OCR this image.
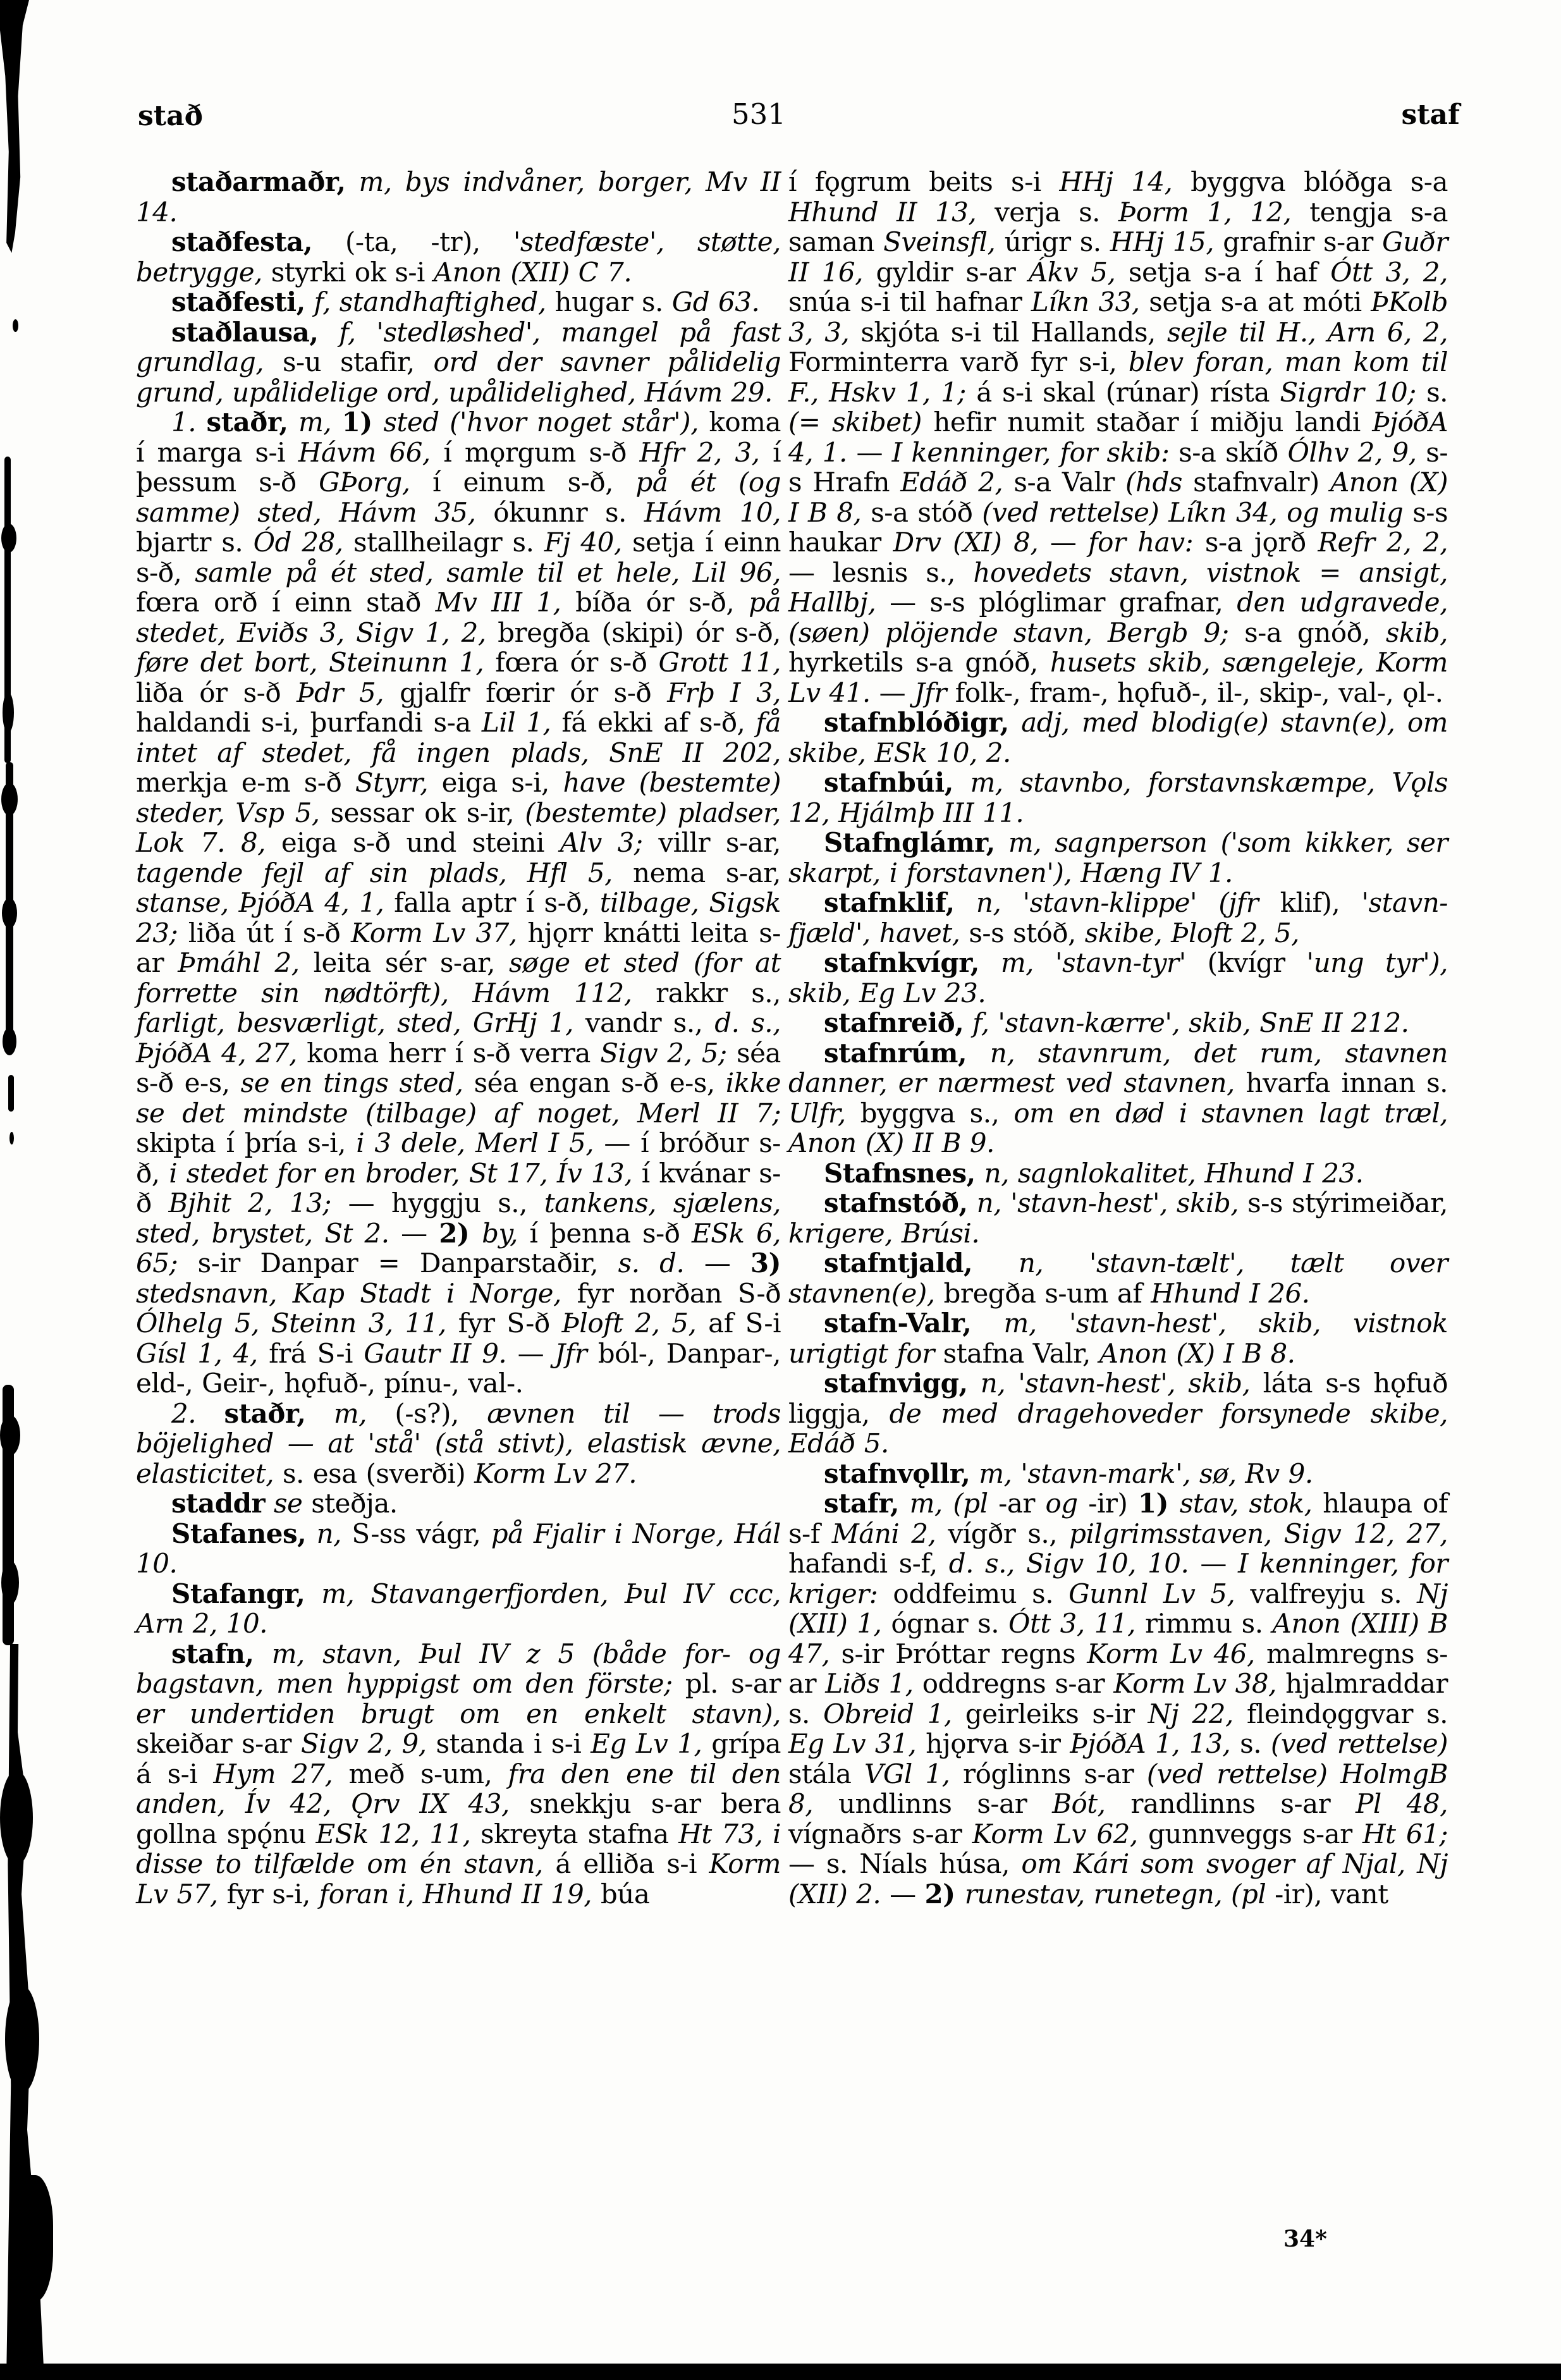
stað	531	staf

staðarmaðr, m, bys indvåner, borger, Mv II 14.

staðfesta, (-ta, -tr), 'stedfæste', støtte, betrygge, styrki ok s-i Anon (XII) C 7.

staðfesti, f, standhaftighed, hugar s. Gd 63.

staðlausa, f, 'stedløshed', mangel på fast grundlag, s-u stafir, ord der savner pålidelig grund, upålidelige ord, upålidelighed, Hávm 29.

1. staðr, m, 1) sted ('hvor noget står'), koma í marga s-i Hávm 66, í mǫrgum s-ð Hfr 2, 3, í þessum s-ð GÞorg, í einum s-ð, på ét (og samme) sted, Hávm 35, ókunnr s. Hávm 10, bjartr s. Ód 28, stallheilagr s. Fj 40, setja í einn s-ð, samle på ét sted, samle til et hele, Lil 96, fœra orð í einn stað Mv III 1, bíða ór s-ð, på stedet, Eviðs 3, Sigv 1, 2, bregða (skipi) ór s-ð, føre det bort, Steinunn 1, fœra ór s-ð Grott 11, liða ór s-ð Þdr 5, gjalfr fœrir ór s-ð Frþ I 3, haldandi s-i, þurfandi s-a Lil 1, fá ekki af s-ð, få intet af stedet, få ingen plads, SnE II 202, merkja e-m s-ð Styrr, eiga s-i, have (bestemte) steder, Vsp 5, sessar ok s-ir, (bestemte) pladser, Lok 7. 8, eiga s-ð und steini Alv 3; villr s-ar, tagende fejl af sin plads, Hfl 5, nema s-ar, stanse, ÞjóðA 4, 1, falla aptr í s-ð, tilbage, Sigsk 23; liða út í s-ð Korm Lv 37, hjǫrr knátti leita s-ar Þmáhl 2, leita sér s-ar, søge et sted (for at forrette sin nødtörft), Hávm 112, rakkr s., farligt, besværligt, sted, GrHj 1, vandr s., d. s., ÞjóðA 4, 27, koma herr í s-ð verra Sigv 2, 5; séa s-ð e-s, se en tings sted, séa engan s-ð e-s, ikke se det mindste (tilbage) af noget, Merl II 7; skipta í þría s-i, i 3 dele, Merl I 5, — í bróður s-ð, i stedet for en broder, St 17, Ív 13, í kvánar s-ð Bjhit 2, 13; — hyggju s., tankens, sjælens, sted, brystet, St 2. — 2) by, í þenna s-ð ESk 6, 65; s-ir Danpar = Danparstaðir, s. d. — 3) stedsnavn, Kap Stadt i Norge, fyr norðan S-ð Ólhelg 5, Steinn 3, 11, fyr S-ð Þloft 2, 5, af S-i Gísl 1, 4, frá S-i Gautr II 9. — Jfr ból-, Danpar-, eld-, Geir-, hǫfuð-, pínu-, val-.

2. staðr, m, (-s?), ævnen til — trods böjelighed — at 'stå' (stå stivt), elastisk ævne, elasticitet, s. esa (sverði) Korm Lv 27.

staddr se steðja.

Stafanes, n, S-ss vágr, på Fjalir i Norge, Hál 10.

Stafangr, m, Stavangerfjorden, Þul IV ccc, Arn 2, 10.

stafn, m, stavn, Þul IV z 5 (både for- og bagstavn, men hyppigst om den förste; pl. s-ar er undertiden brugt om en enkelt stavn), skeiðar s-ar Sigv 2, 9, standa i s-i Eg Lv 1, grípa á s-i Hym 27, með s-um, fra den ene til den anden, Ív 42, Ǫrv IX 43, snekkju s-ar bera gollna spǫ́nu ESk 12, 11, skreyta stafna Ht 73, i disse to tilfælde om én stavn, á elliða s-i Korm Lv 57, fyr s-i, foran i, Hhund II 19, búa

í fǫgrum beits s-i HHj 14, byggva blóðga s-a Hhund II 13, verja s. Þorm 1, 12, tengja s-a saman Sveinsfl, úrigr s. HHj 15, grafnir s-ar Guðr II 16, gyldir s-ar Ákv 5, setja s-a í haf Ótt 3, 2, snúa s-i til hafnar Líkn 33, setja s-a at móti ÞKolb 3, 3, skjóta s-i til Hallands, sejle til H., Arn 6, 2, Forminterra varð fyr s-i, blev foran, man kom til F., Hskv 1, 1; á s-i skal (rúnar) rísta Sigrdr 10; s. (= skibet) hefir numit staðar í miðju landi ÞjóðA 4, 1. — I kenninger, for skib: s-a skíð Ólhv 2, 9, s-s Hrafn Edáð 2, s-a Valr (hds stafnvalr) Anon (X) I B 8, s-a stóð (ved rettelse) Líkn 34, og mulig s-s haukar Drv (XI) 8, — for hav: s-a jǫrð Refr 2, 2, — lesnis s., hovedets stavn, vistnok = ansigt, Hallbj, — s-s plóglimar grafnar, den udgravede, (søen) plöjende stavn, Bergb 9; s-a gnóð, skib, hyrketils s-a gnóð, husets skib, sængeleje, Korm Lv 41. — Jfr folk-, fram-, hǫfuð-, il-, skip-, val-, ǫl-.

stafnblóðigr, adj, med blodig(e) stavn(e), om skibe, ESk 10, 2.

stafnbúi, m, stavnbo, forstavnskæmpe, Vǫls 12, Hjálmþ III 11.

Stafnglámr, m, sagnperson ('som kikker, ser skarpt, i forstavnen'), Hæng IV 1.

stafnklif, n, 'stavn-klippe' (jfr klif), 'stavn-fjæld', havet, s-s stóð, skibe, Þloft 2, 5,

stafnkvígr, m, 'stavn-tyr' (kvígr 'ung tyr'), skib, Eg Lv 23.

stafnreið, f, 'stavn-kærre', skib, SnE II 212.

stafnrúm, n, stavnrum, det rum, stavnen danner, er nærmest ved stavnen, hvarfa innan s. Ulfr, byggva s., om en død i stavnen lagt træl, Anon (X) II B 9.

Stafnsnes, n, sagnlokalitet, Hhund I 23.

stafnstóð, n, 'stavn-hest', skib, s-s stýrimeiðar, krigere, Brúsi.

stafntjald, n, 'stavn-tælt', tælt over stavnen(e), bregða s-um af Hhund I 26.

stafn-Valr, m, 'stavn-hest', skib, vistnok urigtigt for stafna Valr, Anon (X) I B 8.

stafnvigg, n, 'stavn-hest', skib, láta s-s hǫfuð liggja, de med dragehoveder forsynede skibe, Edáð 5.

stafnvǫllr, m, 'stavn-mark', sø, Rv 9.

stafr, m, (pl -ar og -ir) 1) stav, stok, hlaupa of s-f Máni 2, vígðr s., pilgrimsstaven, Sigv 12, 27, hafandi s-f, d. s., Sigv 10, 10. — I kenninger, for kriger: oddfeimu s. Gunnl Lv 5, valfreyju s. Nj (XII) 1, ógnar s. Ótt 3, 11, rimmu s. Anon (XIII) B 47, s-ir Þróttar regns Korm Lv 46, malmregns s-ar Liðs 1, oddregns s-ar Korm Lv 38, hjalmraddar s. Obreid 1, geirleiks s-ir Nj 22, fleindǫggvar s. Eg Lv 31, hjǫrva s-ir ÞjóðA 1, 13, s. (ved rettelse) stála VGl 1, róglinns s-ar (ved rettelse) HolmgB 8, undlinns s-ar Bót, randlinns s-ar Pl 48, vígnaðrs s-ar Korm Lv 62, gunnveggs s-ar Ht 61; — s. Níals húsa, om Kári som svoger af Njal, Nj (XII) 2. — 2) runestav, runetegn, (pl -ir), vant

34*
